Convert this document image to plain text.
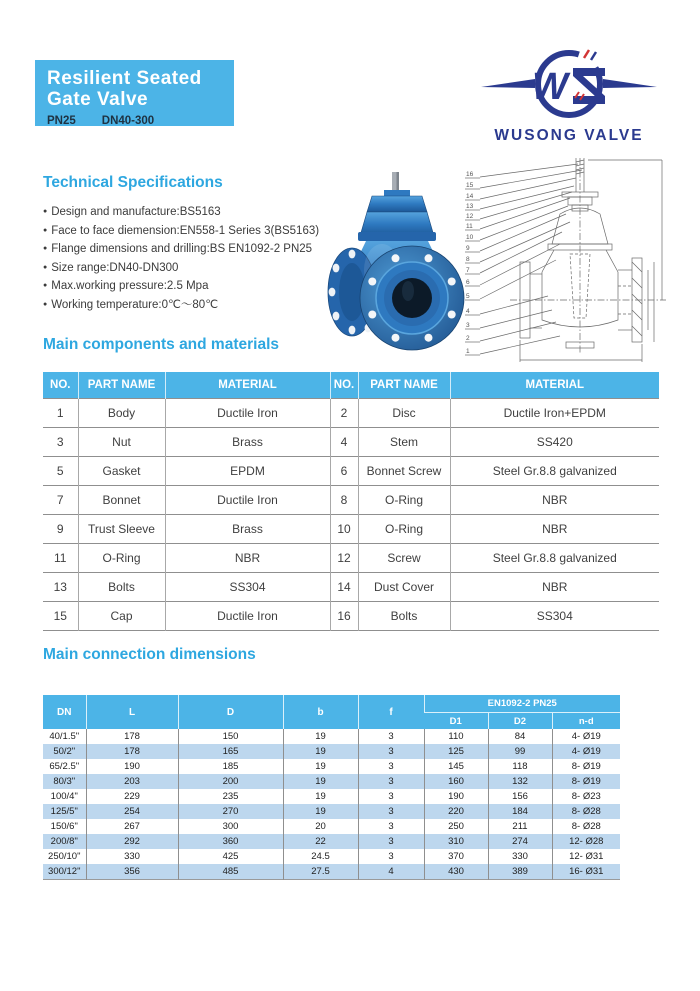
Resilient Seated
Gate Valve
PN25 DN40-300
W
WUSONG VALVE
Technical Specifications
● Design and manufacture:BS5163
● Face to face diemension:EN558-1 Series 3(BS5163)
● Flange dimensions and drilling:BS EN1092-2 PN25
● Size range:DN40-DN300
● Max.working pressure:2.5 Mpa
● Working temperature:0℃～80℃
16
15
14
13
12
11
10
9
8
7
6
5
4
3
2
1
Main components and materials
NO.	PART NAME	MATERIAL	NO.	PART NAME	MATERIAL
1	Body	Ductile Iron	2	Disc	Ductile Iron+EPDM
3	Nut	Brass	4	Stem	SS420
5	Gasket	EPDM	6	Bonnet Screw	Steel Gr.8.8 galvanized
7	Bonnet	Ductile Iron	8	O-Ring	NBR
9	Trust Sleeve	Brass	10	O-Ring	NBR
11	O-Ring	NBR	12	Screw	Steel Gr.8.8 galvanized
13	Bolts	SS304	14	Dust Cover	NBR
15	Cap	Ductile Iron	16	Bolts	SS304
Main connection dimensions
DN	L	D	b	f	EN1092-2 PN25		
					D1	D2	n-d
40/1.5"	178	150	19	3	110	84	4- Ø19
50/2"	178	165	19	3	125	99	4- Ø19
65/2.5"	190	185	19	3	145	118	8- Ø19
80/3"	203	200	19	3	160	132	8- Ø19
100/4"	229	235	19	3	190	156	8- Ø23
125/5"	254	270	19	3	220	184	8- Ø28
150/6"	267	300	20	3	250	211	8- Ø28
200/8"	292	360	22	3	310	274	12- Ø28
250/10"	330	425	24.5	3	370	330	12- Ø31
300/12"	356	485	27.5	4	430	389	16- Ø31
